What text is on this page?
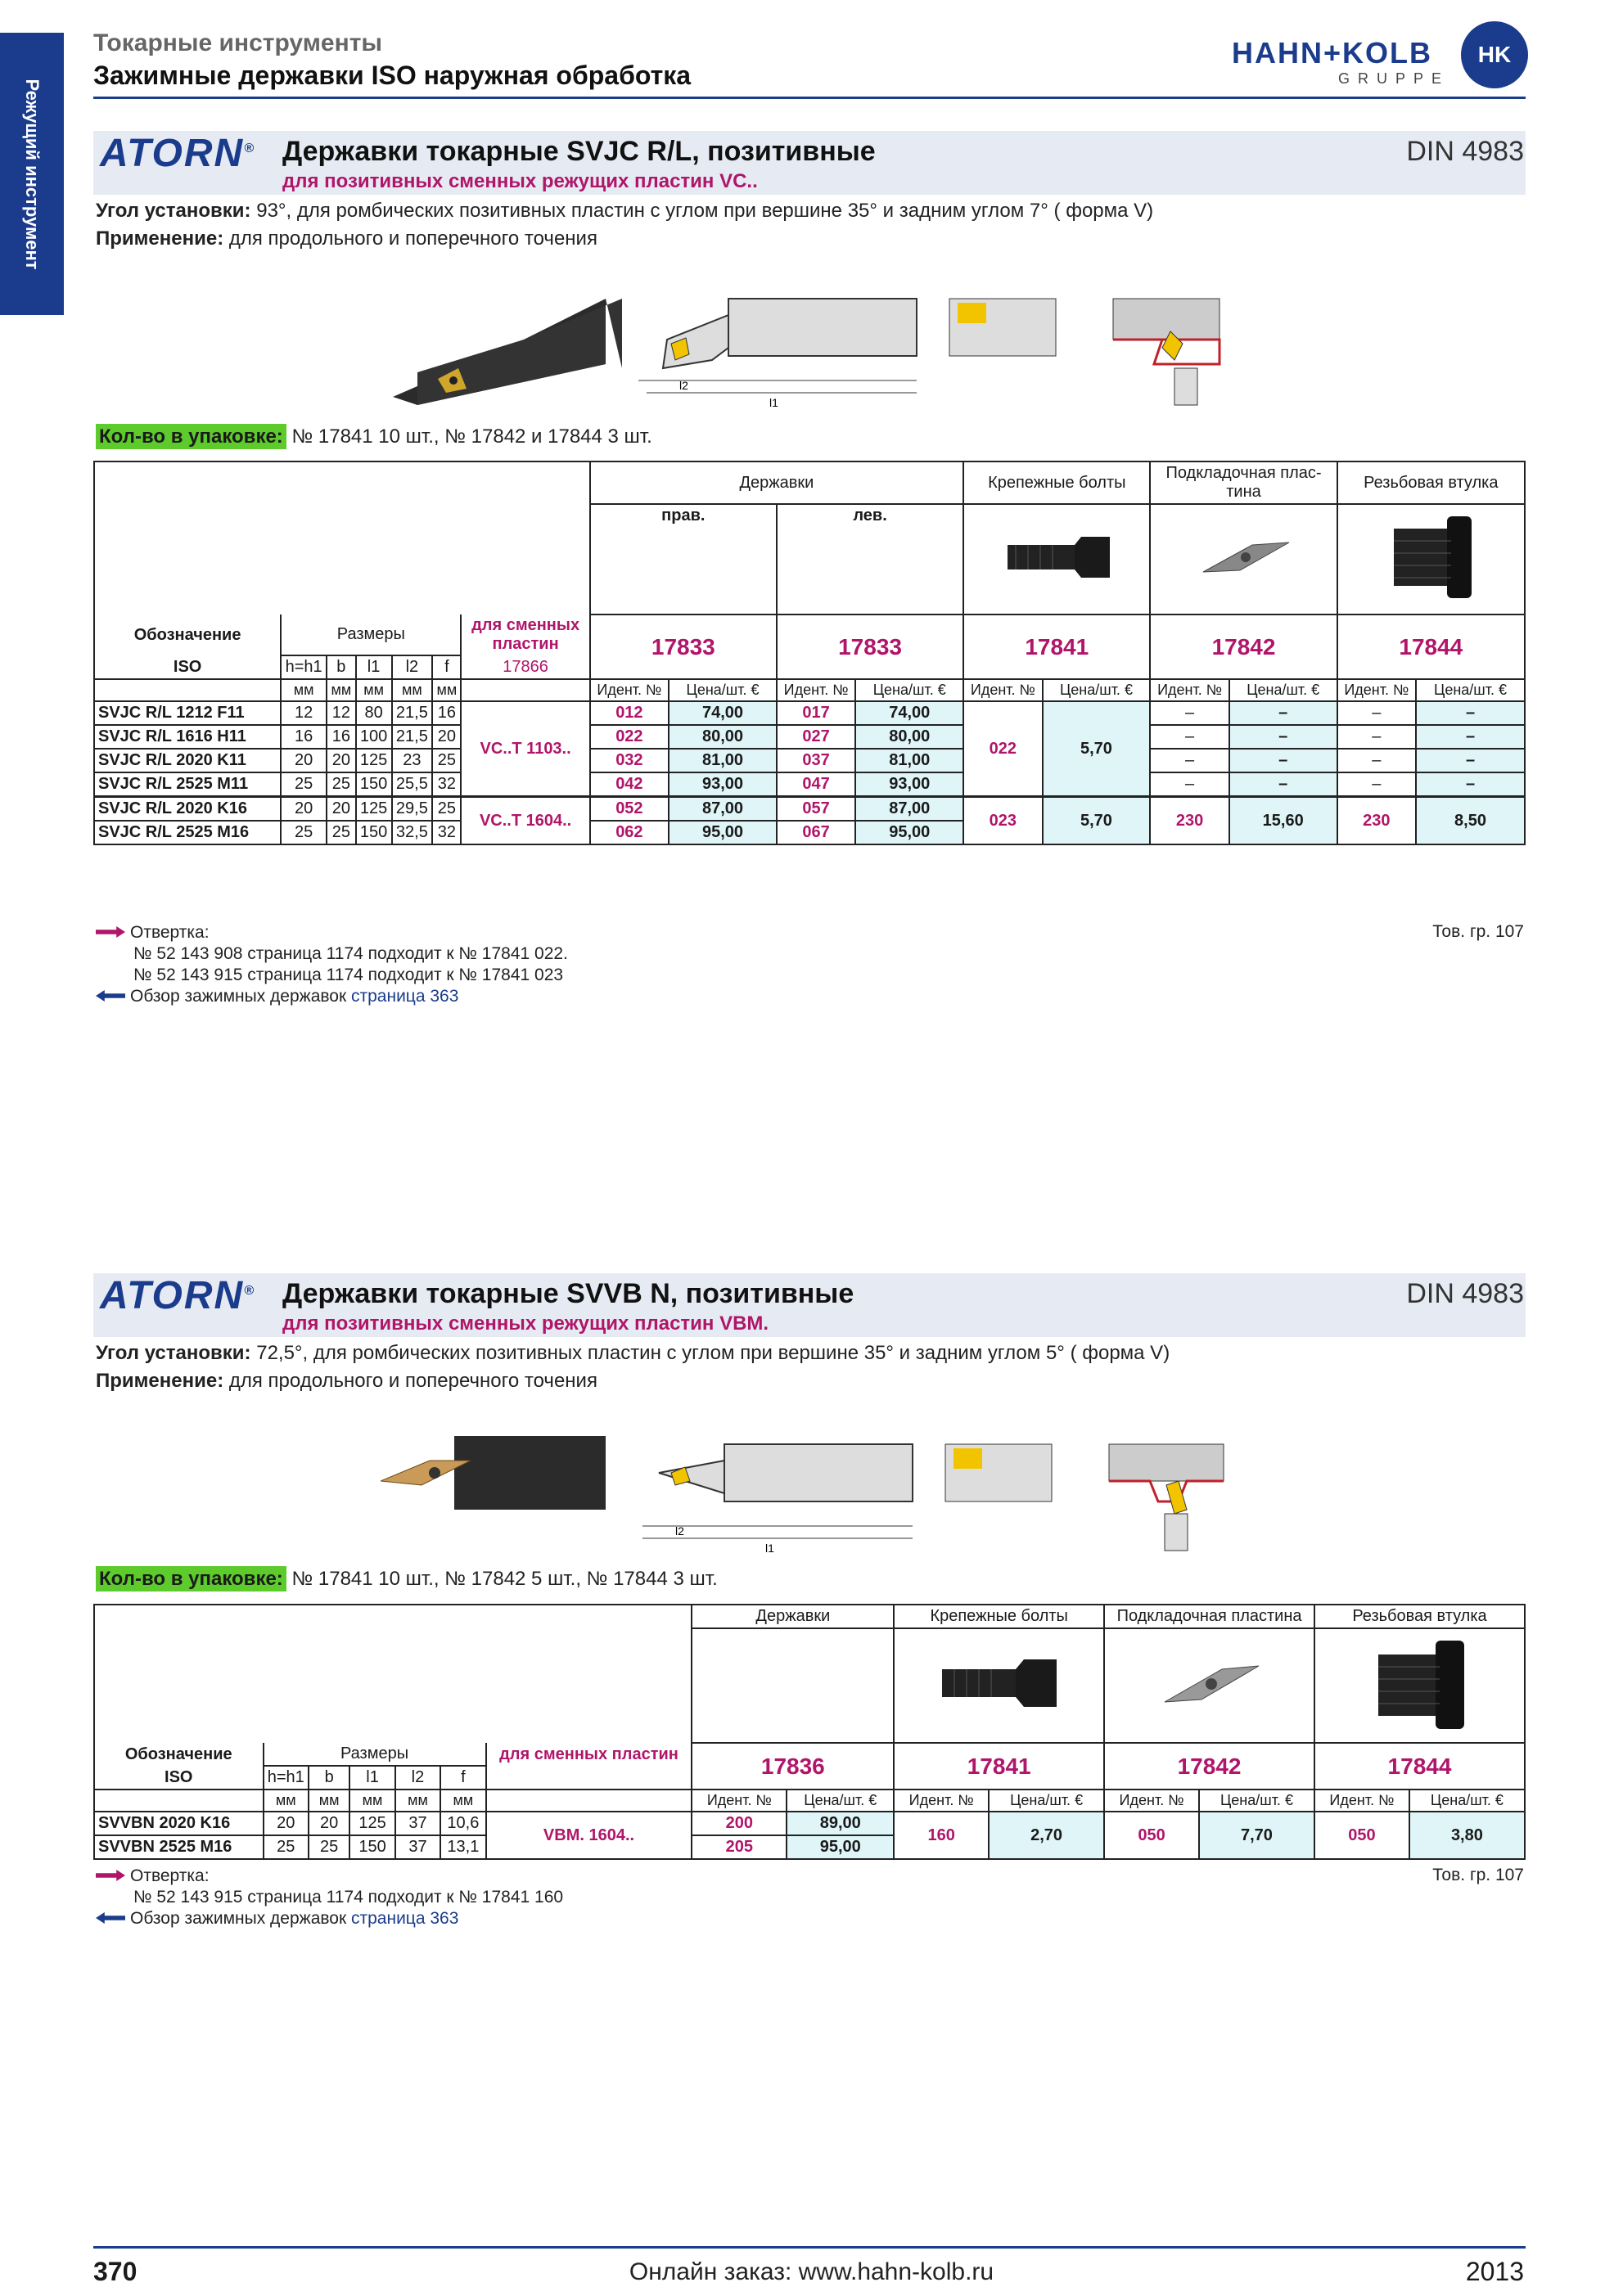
Режущий инструмент
Токарные инструменты
Зажимные державки ISO наружная обработка
HAHN+KOLB
GRUPPE
HK
ATORN® Державки токарные SVJC R/L, позитивные
для позитивных сменных режущих пластин VC..
DIN 4983
Угол установки: 93°, для ромбических позитивных пластин с углом при вершине 35° и задним углом 7° ( форма V)
Применение: для продольного и поперечного точения
l2
l1
Кол-во в упаковке: № 17841 10 шт., № 17842 и 17844 3 шт.
							Державки				Крепежные болты		Подкладочная плас-тина		Резьбовая втулка	
							прав.		лев.			
Обозначение	Размеры					для сменных пластин	17833		17833		17841		17842		17844	
ISO	h=h1	b	l1	l2	f	17866										
	мм	мм	мм	мм	мм		Идент. №	Цена/шт. €	Идент. №	Цена/шт. €	Идент. №	Цена/шт. €	Идент. №	Цена/шт. €	Идент. №	Цена/шт. €
SVJC R/L 1212 F11	12	12	80	21,5	16	VC..T 1103..	012	74,00	017	74,00	022	5,70	–	–	–	–
SVJC R/L 1616 H11	16	16	100	21,5	20		022	80,00	027	80,00			–	–	–	–
SVJC R/L 2020 K11	20	20	125	23	25		032	81,00	037	81,00			–	–	–	–
SVJC R/L 2525 M11	25	25	150	25,5	32		042	93,00	047	93,00			–	–	–	–
SVJC R/L 2020 K16	20	20	125	29,5	25	VC..T 1604..	052	87,00	057	87,00	023	5,70	230	15,60	230	8,50
SVJC R/L 2525 M16	25	25	150	32,5	32		062	95,00	067	95,00						
Отвертка:
№ 52 143 908 страница 1174 подходит к № 17841 022.
№ 52 143 915 страница 1174 подходит к № 17841 023
Обзор зажимных державок страница 363
Тов. гр. 107
ATORN® Державки токарные SVVB N, позитивные
для позитивных сменных режущих пластин VBM.
DIN 4983
Угол установки: 72,5°, для ромбических позитивных пластин с углом при вершине 35° и задним углом 5° ( форма V)
Применение: для продольного и поперечного точения
l2
l1
Кол-во в упаковке: № 17841 10 шт., № 17842 5 шт., № 17844 3 шт.
							Державки		Крепежные болты		Подкладочная пластина		Резьбовая втулка	

Обозначение	Размеры					для сменных пластин	17836		17841		17842		17844	
ISO	h=h1	b	l1	l2	f									
	мм	мм	мм	мм	мм		Идент. №	Цена/шт. €	Идент. №	Цена/шт. €	Идент. №	Цена/шт. €	Идент. №	Цена/шт. €
SVVBN 2020 K16	20	20	125	37	10,6	VBM. 1604..	200	89,00	160	2,70	050	7,70	050	3,80
SVVBN 2525 M16	25	25	150	37	13,1		205	95,00						
Отвертка:
№ 52 143 915 страница 1174 подходит к № 17841 160
Обзор зажимных державок страница 363
Тов. гр. 107
370	Онлайн заказ: www.hahn-kolb.ru	2013
